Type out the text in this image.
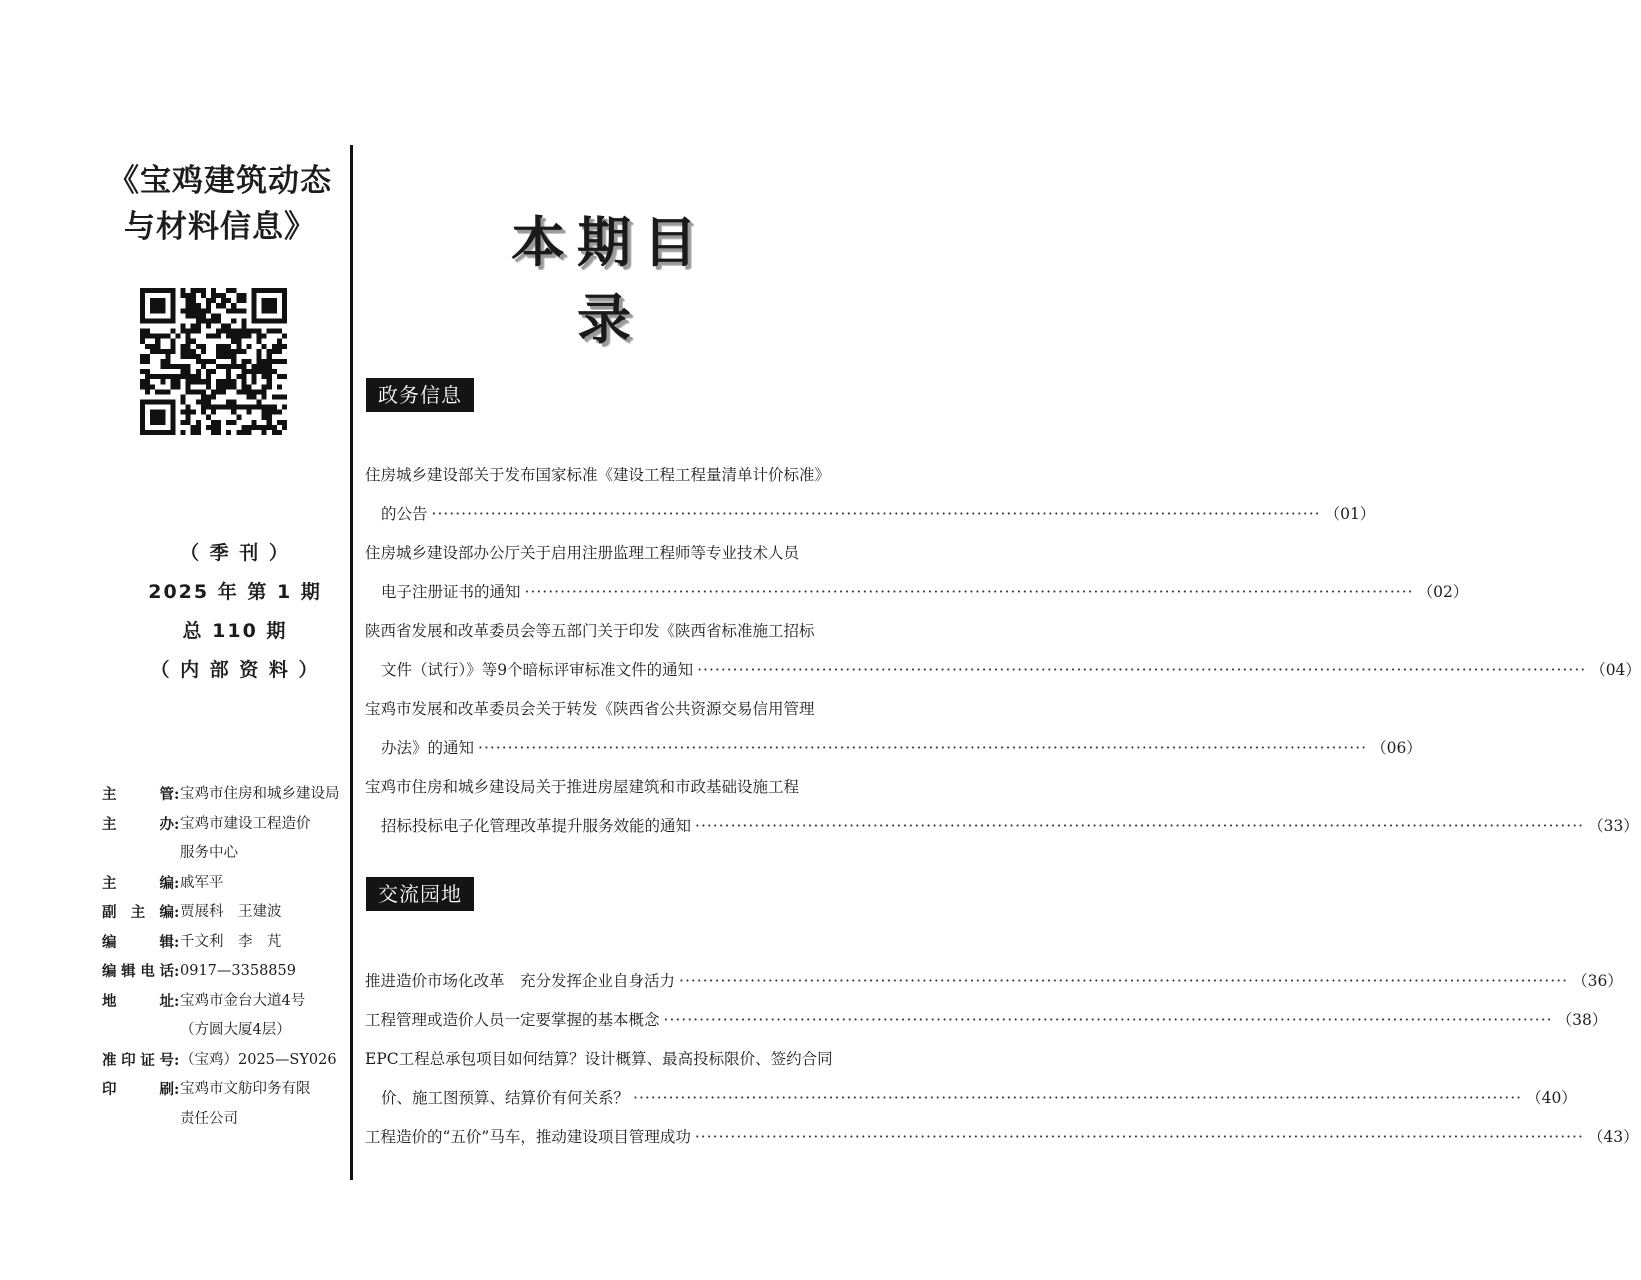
《宝鸡建筑动态
与材料信息》
（ 季 刊 ）
2025 年 第 1 期
总 110 期
（ 内 部 资 料 ）
主管 : 宝鸡市住房和城乡建设局
主办 : 宝鸡市建设工程造价
服务中心
主编 : 戚军平
副主编 : 贾展科　王建波
编辑 : 千文利　李　芃
编辑电话 : 0917—3358859
地址 : 宝鸡市金台大道4号
（方圆大厦4层）
准印证号 : （宝鸡）2025—SY026
印刷 : 宝鸡市文舫印务有限
责任公司
本期目录
政务信息
住房城乡建设部关于发布国家标准《建设工程工程量清单计价标准》
的公告 ······················································································································································ （01）
住房城乡建设部办公厅关于启用注册监理工程师等专业技术人员
电子注册证书的通知 ······················································································································································ （02）
陕西省发展和改革委员会等五部门关于印发《陕西省标准施工招标
文件（试行）》等9个暗标评审标准文件的通知 ······················································································································································ （04）
宝鸡市发展和改革委员会关于转发《陕西省公共资源交易信用管理
办法》的通知 ······················································································································································ （06）
宝鸡市住房和城乡建设局关于推进房屋建筑和市政基础设施工程
招标投标电子化管理改革提升服务效能的通知 ······················································································································································ （33）
交流园地
推进造价市场化改革　充分发挥企业自身活力 ······················································································································································ （36）
工程管理或造价人员一定要掌握的基本概念 ······················································································································································ （38）
EPC工程总承包项目如何结算？设计概算、最高投标限价、签约合同
价、施工图预算、结算价有何关系？ ······················································································································································ （40）
工程造价的“五价”马车，推动建设项目管理成功 ······················································································································································ （43）
